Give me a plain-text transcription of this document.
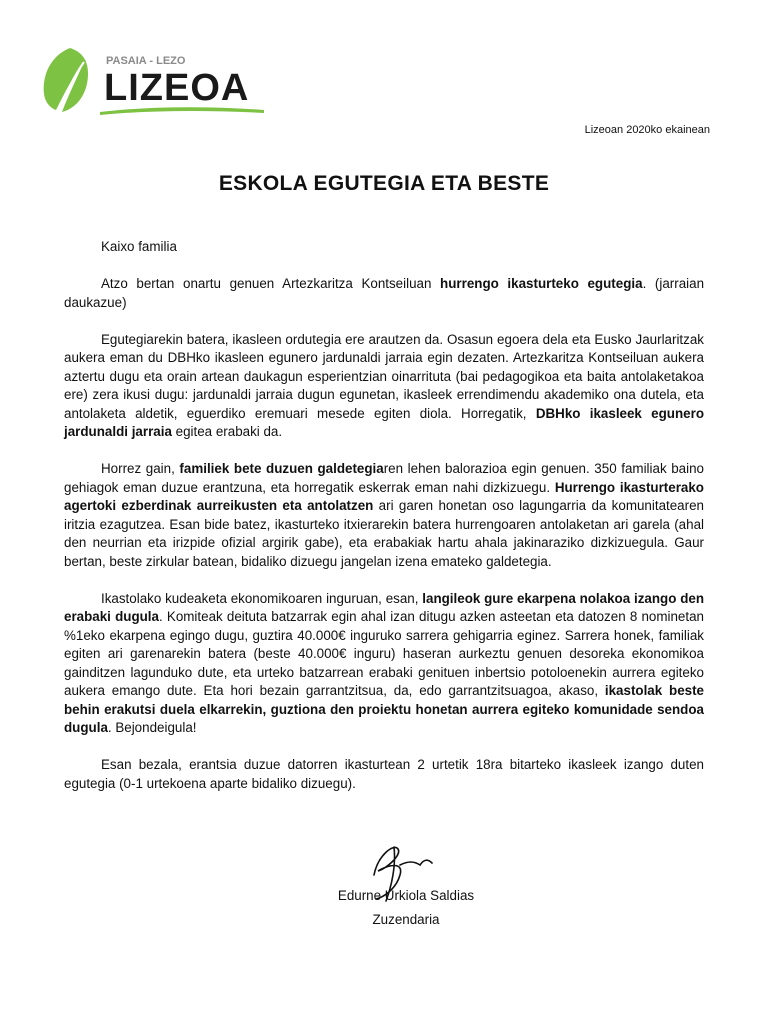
PASAIA - LEZO
LIZEOA
Lizeoan 2020ko ekainean
ESKOLA EGUTEGIA ETA BESTE

Kaixo familia

Atzo bertan onartu genuen Artezkaritza Kontseiluan hurrengo ikasturteko egutegia. (jarraian daukazue)

Egutegiarekin batera, ikasleen ordutegia ere arautzen da. Osasun egoera dela eta Eusko Jaurlaritzak aukera eman du DBHko ikasleen egunero jardunaldi jarraia egin dezaten. Artezkaritza Kontseiluan aukera aztertu dugu eta orain artean daukagun esperientzian oinarrituta (bai pedagogikoa eta baita antolaketakoa ere) zera ikusi dugu: jardunaldi jarraia dugun egunetan, ikasleek errendimendu akademiko ona dutela, eta antolaketa aldetik, eguerdiko eremuari mesede egiten diola. Horregatik, DBHko ikasleek egunero jardunaldi jarraia egitea erabaki da.

Horrez gain, familiek bete duzuen galdetegiaren lehen balorazioa egin genuen. 350 familiak baino gehiagok eman duzue erantzuna, eta horregatik eskerrak eman nahi dizkizuegu. Hurrengo ikasturterako agertoki ezberdinak aurreikusten eta antolatzen ari garen honetan oso lagungarria da komunitatearen iritzia ezagutzea. Esan bide batez, ikasturteko itxierarekin batera hurrengoaren antolaketan ari garela (ahal den neurrian eta irizpide ofizial argirik gabe), eta erabakiak hartu ahala jakinaraziko dizkizuegula. Gaur bertan, beste zirkular batean, bidaliko dizuegu jangelan izena emateko galdetegia.

Ikastolako kudeaketa ekonomikoaren inguruan, esan, langileok gure ekarpena nolakoa izango den erabaki dugula. Komiteak deituta batzarrak egin ahal izan ditugu azken asteetan eta datozen 8 nominetan %1eko ekarpena egingo dugu, guztira 40.000€ inguruko sarrera gehigarria eginez. Sarrera honek, familiak egiten ari garenarekin batera (beste 40.000€ inguru) haseran aurkeztu genuen desoreka ekonomikoa gainditzen lagunduko dute, eta urteko batzarrean erabaki genituen inbertsio potoloenekin aurrera egiteko aukera emango dute. Eta hori bezain garrantzitsua, da, edo garrantzitsuagoa, akaso, ikastolak beste behin erakutsi duela elkarrekin, guztiona den proiektu honetan aurrera egiteko komunidade sendoa dugula. Bejondeigula!

Esan bezala, erantsia duzue datorren ikasturtean 2 urtetik 18ra bitarteko ikasleek izango duten egutegia (0-1 urtekoena aparte bidaliko dizuegu).

Edurne Urkiola Saldias
Zuzendaria
